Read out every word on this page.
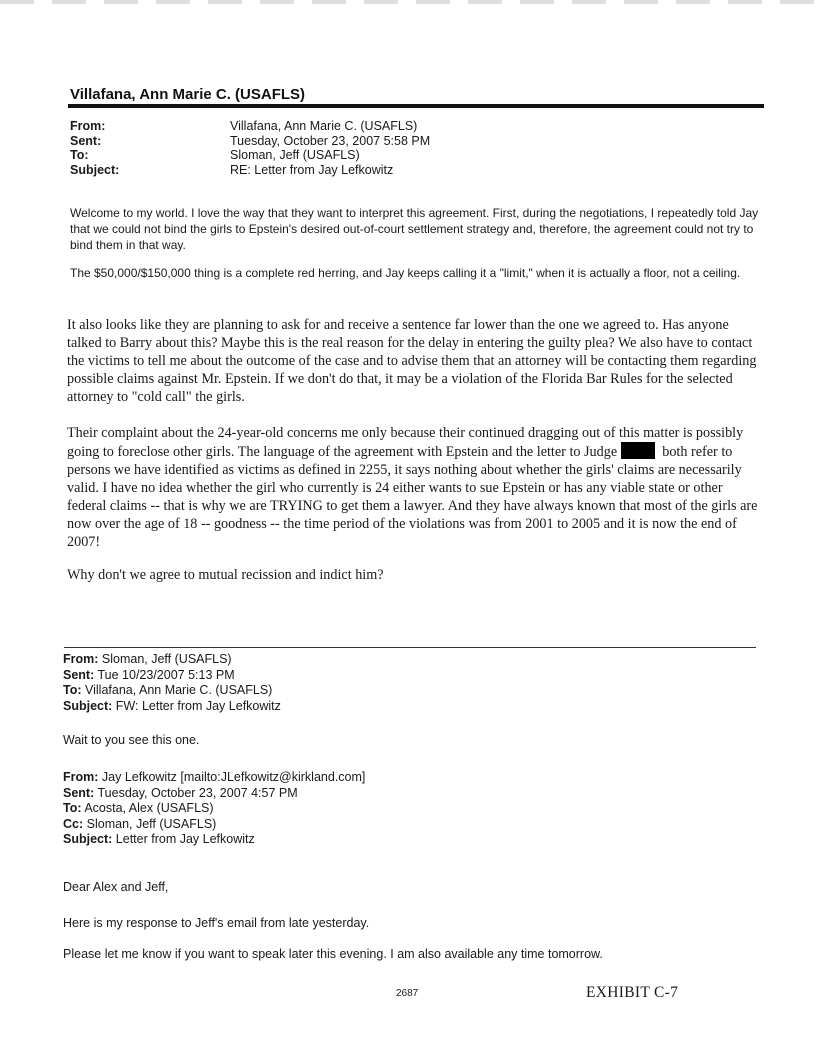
Villafana, Ann Marie C. (USAFLS)
From:	Villafana, Ann Marie C. (USAFLS)
Sent:	Tuesday, October 23, 2007 5:58 PM
To:	Sloman, Jeff (USAFLS)
Subject:	RE: Letter from Jay Lefkowitz

Welcome to my world. I love the way that they want to interpret this agreement. First, during the negotiations, I repeatedly told Jay that we could not bind the girls to Epstein's desired out-of-court settlement strategy and, therefore, the agreement could not try to bind them in that way.

The $50,000/$150,000 thing is a complete red herring, and Jay keeps calling it a "limit," when it is actually a floor, not a ceiling.

It also looks like they are planning to ask for and receive a sentence far lower than the one we agreed to. Has anyone talked to Barry about this? Maybe this is the real reason for the delay in entering the guilty plea? We also have to contact the victims to tell me about the outcome of the case and to advise them that an attorney will be contacting them regarding possible claims against Mr. Epstein. If we don't do that, it may be a violation of the Florida Bar Rules for the selected attorney to "cold call" the girls.

Their complaint about the 24-year-old concerns me only because their continued dragging out of this matter is possibly going to foreclose other girls. The language of the agreement with Epstein and the letter to Judge	both refer to persons we have identified as victims as defined in 2255, it says nothing about whether the girls' claims are necessarily valid. I have no idea whether the girl who currently is 24 either wants to sue Epstein or has any viable state or other federal claims -- that is why we are TRYING to get them a lawyer. And they have always known that most of the girls are now over the age of 18 -- goodness -- the time period of the violations was from 2001 to 2005 and it is now the end of 2007!

Why don't we agree to mutual recission and indict him?

From: Sloman, Jeff (USAFLS)
Sent: Tue 10/23/2007 5:13 PM
To: Villafana, Ann Marie C. (USAFLS)
Subject: FW: Letter from Jay Lefkowitz

Wait to you see this one.

From: Jay Lefkowitz [mailto:JLefkowitz@kirkland.com]
Sent: Tuesday, October 23, 2007 4:57 PM
To: Acosta, Alex (USAFLS)
Cc: Sloman, Jeff (USAFLS)
Subject: Letter from Jay Lefkowitz

Dear Alex and Jeff,

Here is my response to Jeff's email from late yesterday.

Please let me know if you want to speak later this evening. I am also available any time tomorrow.

2687	EXHIBIT C-7
